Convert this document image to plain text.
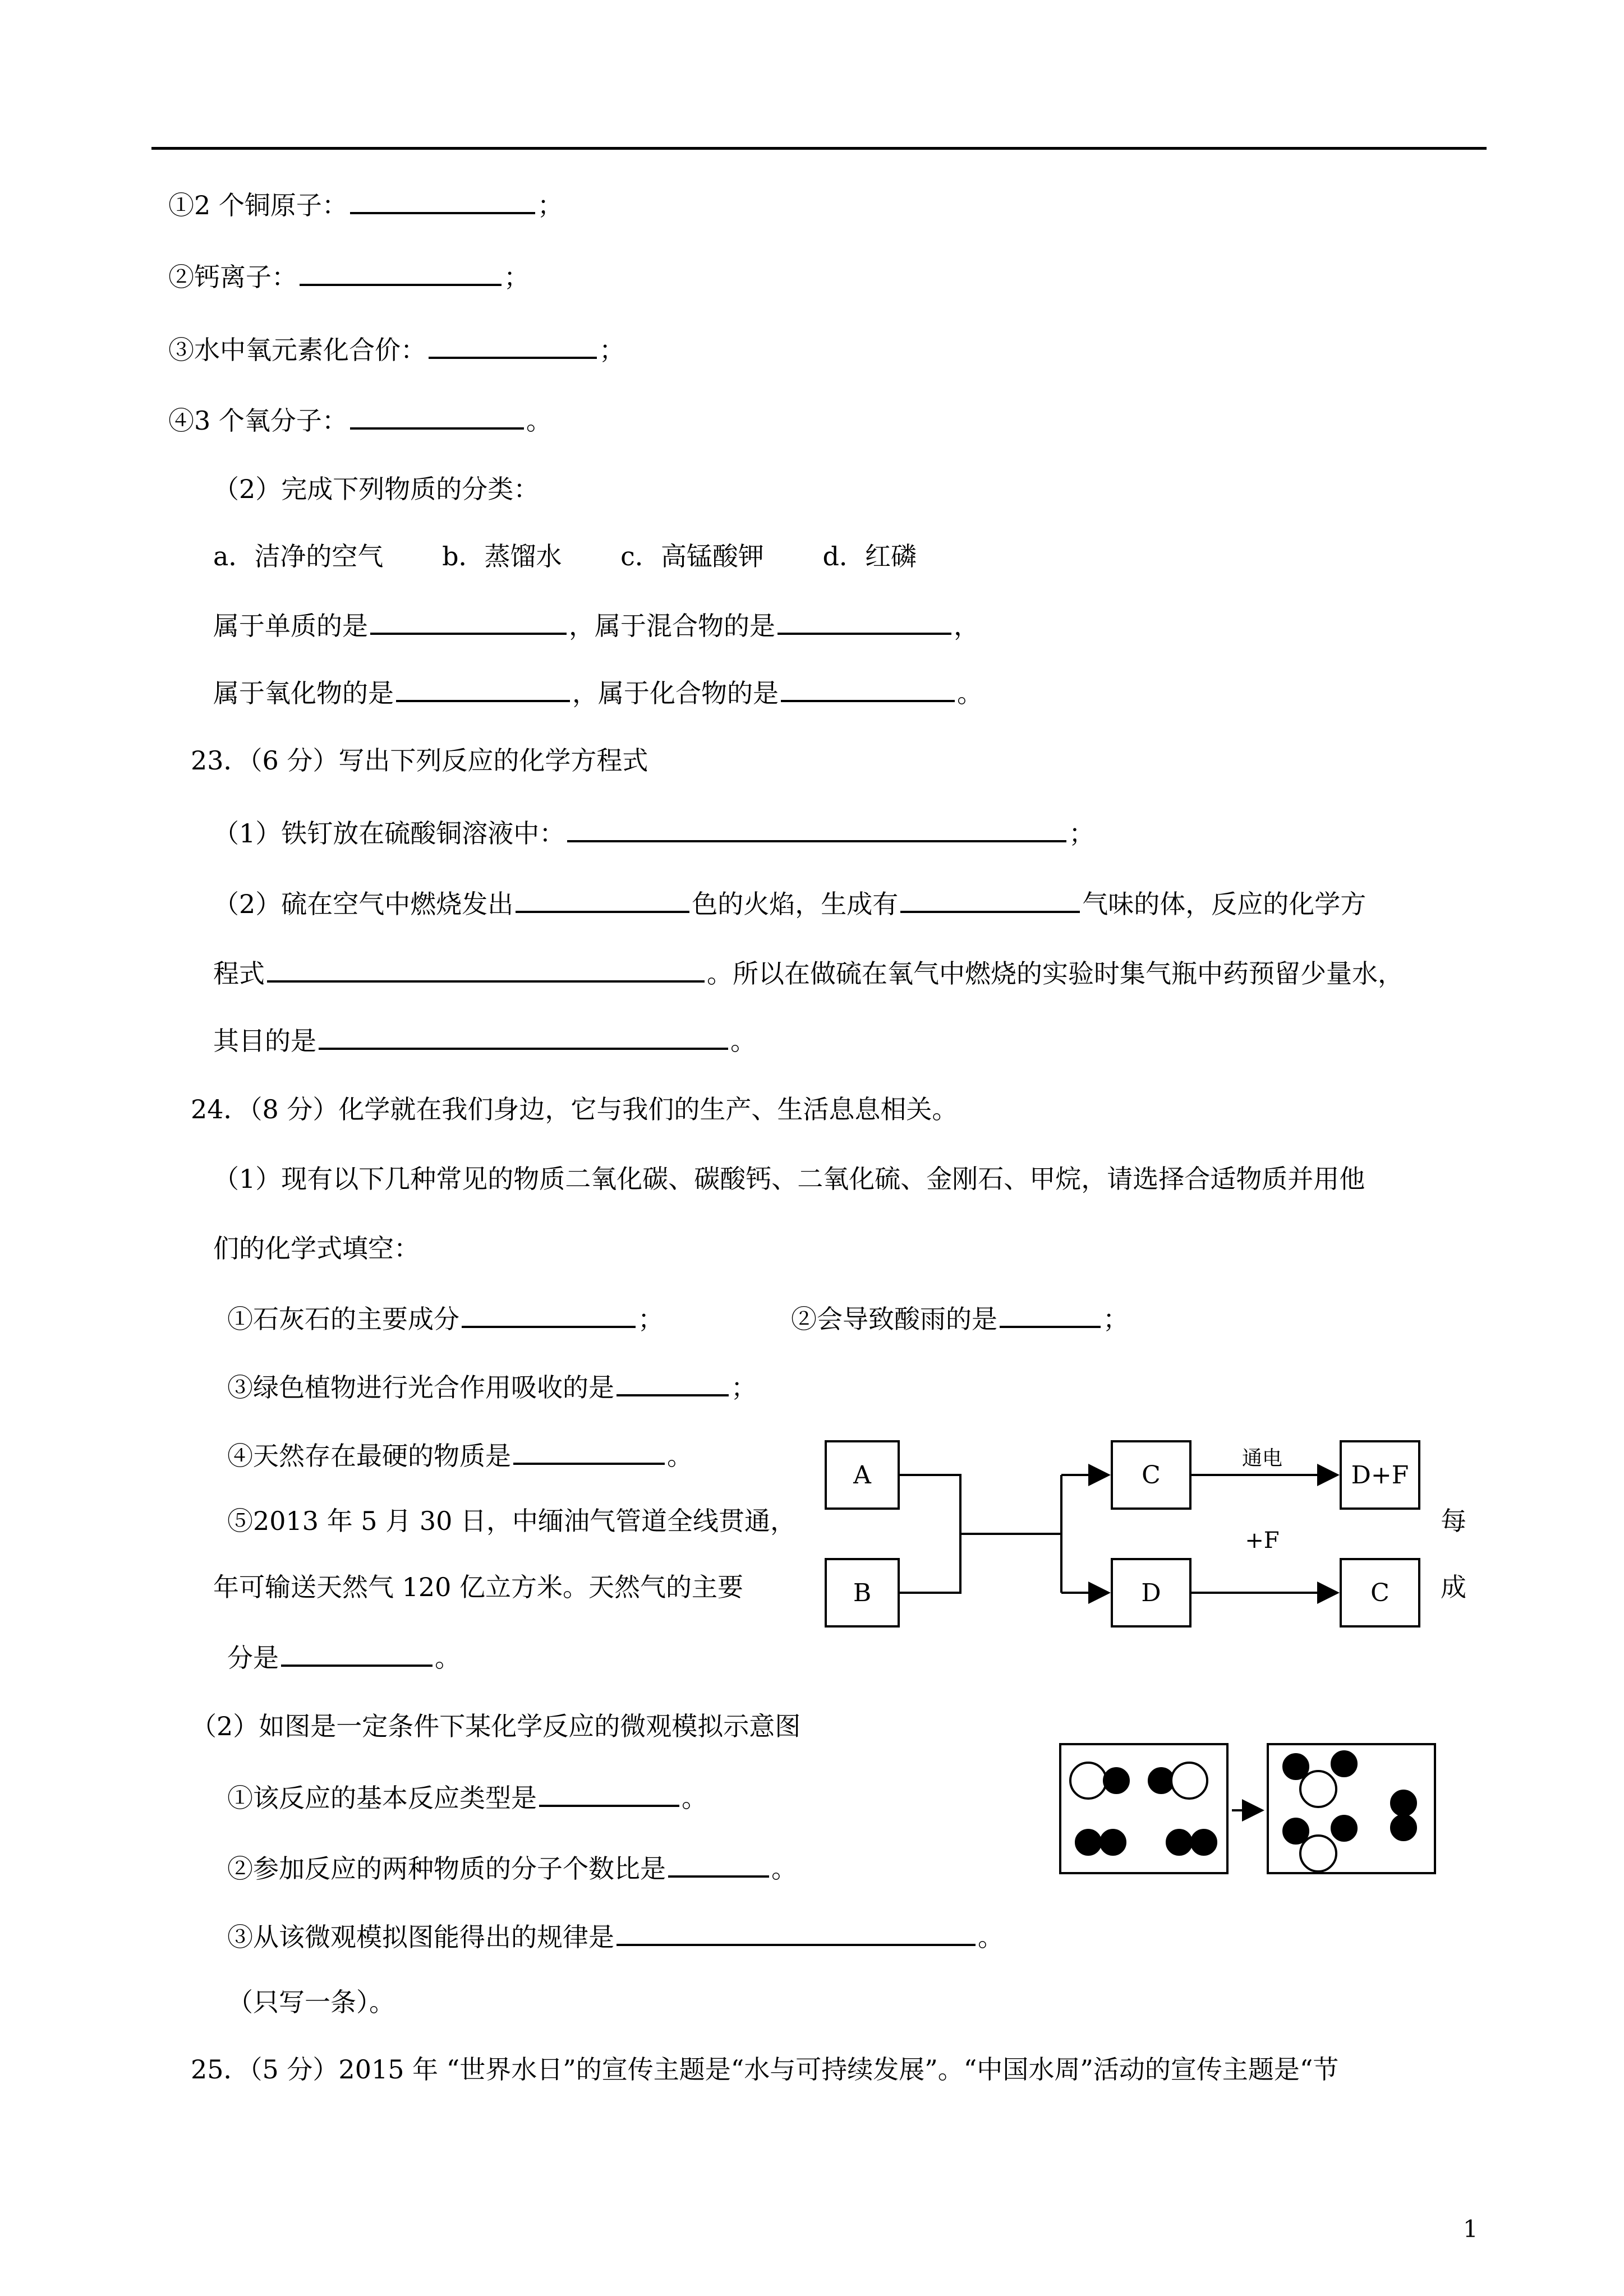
①2 个铜原子：	；
②钙离子：	；
③水中氧元素化合价：	；
④3 个氧分子：	。
（2）完成下列物质的分类：
a．洁净的空气 b．蒸馏水 c．高锰酸钾 d．红磷
属于单质的是	，属于混合物的是	，
属于氧化物的是	，属于化合物的是	。
23．（6 分）写出下列反应的化学方程式
（1）铁钉放在硫酸铜溶液中：	；
（2）硫在空气中燃烧发出	色的火焰，生成有	气味的体，反应的化学方
程式	。所以在做硫在氧气中燃烧的实验时集气瓶中药预留少量水，
其目的是	。
24．（8 分）化学就在我们身边，它与我们的生产、生活息息相关。
（1）现有以下几种常见的物质二氧化碳、碳酸钙、二氧化硫、金刚石、甲烷，请选择合适物质并用他
们的化学式填空：
①石灰石的主要成分	；	②会导致酸雨的是	；
③绿色植物进行光合作用吸收的是	；
④天然存在最硬的物质是	。
⑤2013 年 5 月 30 日，中缅油气管道全线贯通，	每
年可输送天然气 120 亿立方米。天然气的主要	成
分是	。
（2）如图是一定条件下某化学反应的微观模拟示意图
①该反应的基本反应类型是	。
②参加反应的两种物质的分子个数比是	。
③从该微观模拟图能得出的规律是	。
（只写一条）。
25．（5 分）2015 年 “世界水日”的宣传主题是“水与可持续发展”。“中国水周”活动的宣传主题是“节
A
B
C
D
D+F
C
通电
+F
1
